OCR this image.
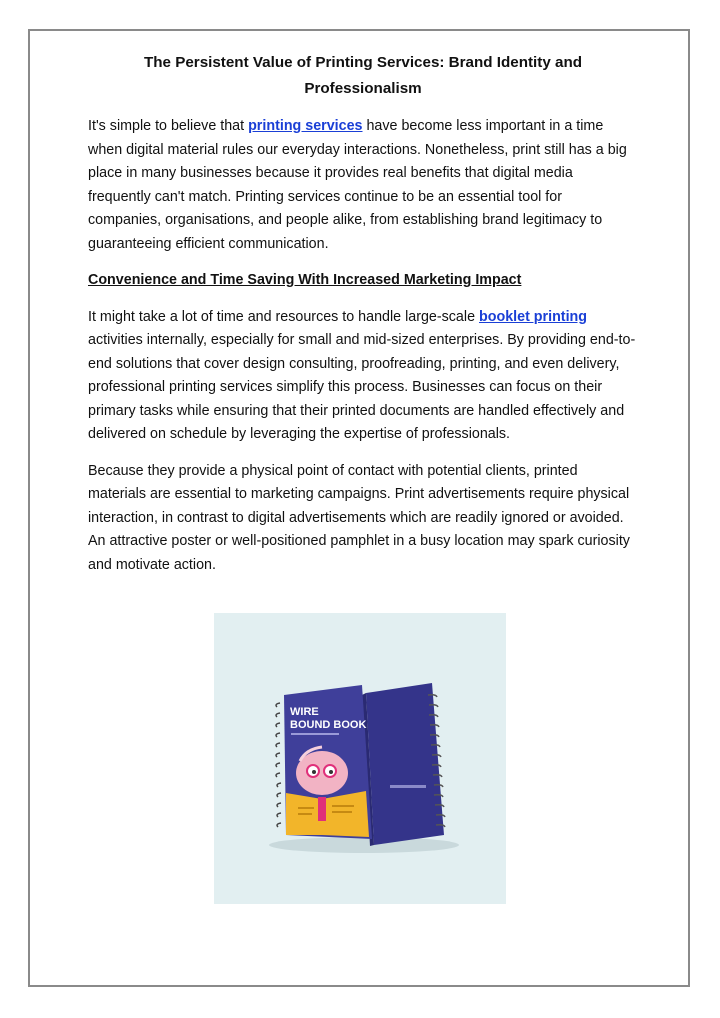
The Persistent Value of Printing Services: Brand Identity and Professionalism

It's simple to believe that printing services have become less important in a time when digital material rules our everyday interactions. Nonetheless, print still has a big place in many businesses because it provides real benefits that digital media frequently can't match. Printing services continue to be an essential tool for companies, organisations, and people alike, from establishing brand legitimacy to guaranteeing efficient communication.

Convenience and Time Saving With Increased Marketing Impact

It might take a lot of time and resources to handle large-scale booklet printing activities internally, especially for small and mid-sized enterprises. By providing end-to-end solutions that cover design consulting, proofreading, printing, and even delivery, professional printing services simplify this process. Businesses can focus on their primary tasks while ensuring that their printed documents are handled effectively and delivered on schedule by leveraging the expertise of professionals.

Because they provide a physical point of contact with potential clients, printed materials are essential to marketing campaigns. Print advertisements require physical interaction, in contrast to digital advertisements which are readily ignored or avoided. An attractive poster or well-positioned pamphlet in a busy location may spark curiosity and motivate action.

WIRE
BOUND BOOK
